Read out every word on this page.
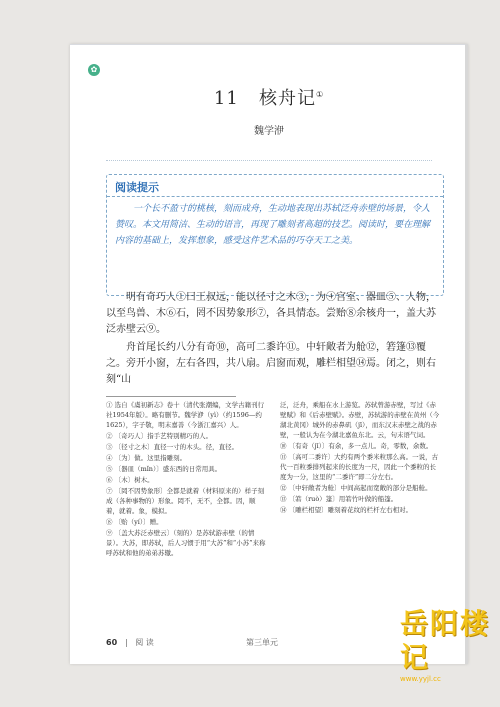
✿
11 核舟记①
魏学洢
阅读提示
一个长不盈寸的桃核，刻而成舟，生动地表现出苏轼泛舟赤壁的场景，令人赞叹。本文用简洁、生动的语言，再现了雕刻者高超的技艺。阅读时，要在理解内容的基础上，发挥想象，感受这件艺术品的巧夺天工之美。

明有奇巧人①曰王叔远，能以径寸之木③，为④宫室、器皿⑤、人物，以至鸟兽、木⑥石，罔不因势象形⑦，各具情态。尝贻⑧余核舟一，盖大苏泛赤壁云⑨。

舟首尾长约八分有奇⑩，高可二黍许⑪。中轩敞者为舱⑫，箬篷⑬覆之。旁开小窗，左右各四，共八扇。启窗而观，雕栏相望⑭焉。闭之，则右刻“山

① 选自《虞初新志》卷十（清代张潮编，文学古籍刊行社1954年版）。略有删节。魏学洢（yì）（约1596—约1625），字子敬，明末嘉善（今浙江嘉兴）人。
② 〔奇巧人〕指手艺特别精巧的人。
③ 〔径寸之木〕直径一寸的木头。径，直径。
④ 〔为〕做。这里指雕刻。
⑤ 〔器皿（mǐn）〕盛东西的日常用具。
⑥ 〔木〕树木。
⑦ 〔罔不因势象形〕全都是就着（材料原来的）样子刻成（各种事物的）形象。罔不，无不，全都。因，顺着，就着。象，模拟。
⑧ 〔贻（yí）〕赠。
⑨ 〔盖大苏泛赤壁云〕（刻的）是苏轼游赤壁（的情景）。大苏，即苏轼，后人习惯于用“大苏”和“小苏”来称呼苏轼和他的弟弟苏辙。
泛，泛舟，乘船在水上游览。苏轼曾游赤壁，写过《赤壁赋》和《后赤壁赋》。赤壁，苏轼游的赤壁在黄州（今湖北黄冈）城外的赤鼻矶（jī），而东汉末赤壁之战的赤壁，一般认为在今湖北嘉鱼东北。云，句末语气词。
⑩ 〔有奇（jī）〕有余，多一点儿。奇，零数，余数。
⑪ 〔高可二黍许〕大约有两个黍米粒那么高。一说，古代一百粒黍排列起来的长度为一尺，因此一个黍粒的长度为一分，这里的“二黍许”即二分左右。
⑫ 〔中轩敞者为舱〕中间高起而宽敞的部分是船舱。
⑬ 〔箬（ruò）篷〕用箬竹叶做的船篷。
⑭ 〔雕栏相望〕雕刻着花纹的栏杆左右相对。
60 阅 读	第三单元
岳阳楼记
www.yyjl.cc
